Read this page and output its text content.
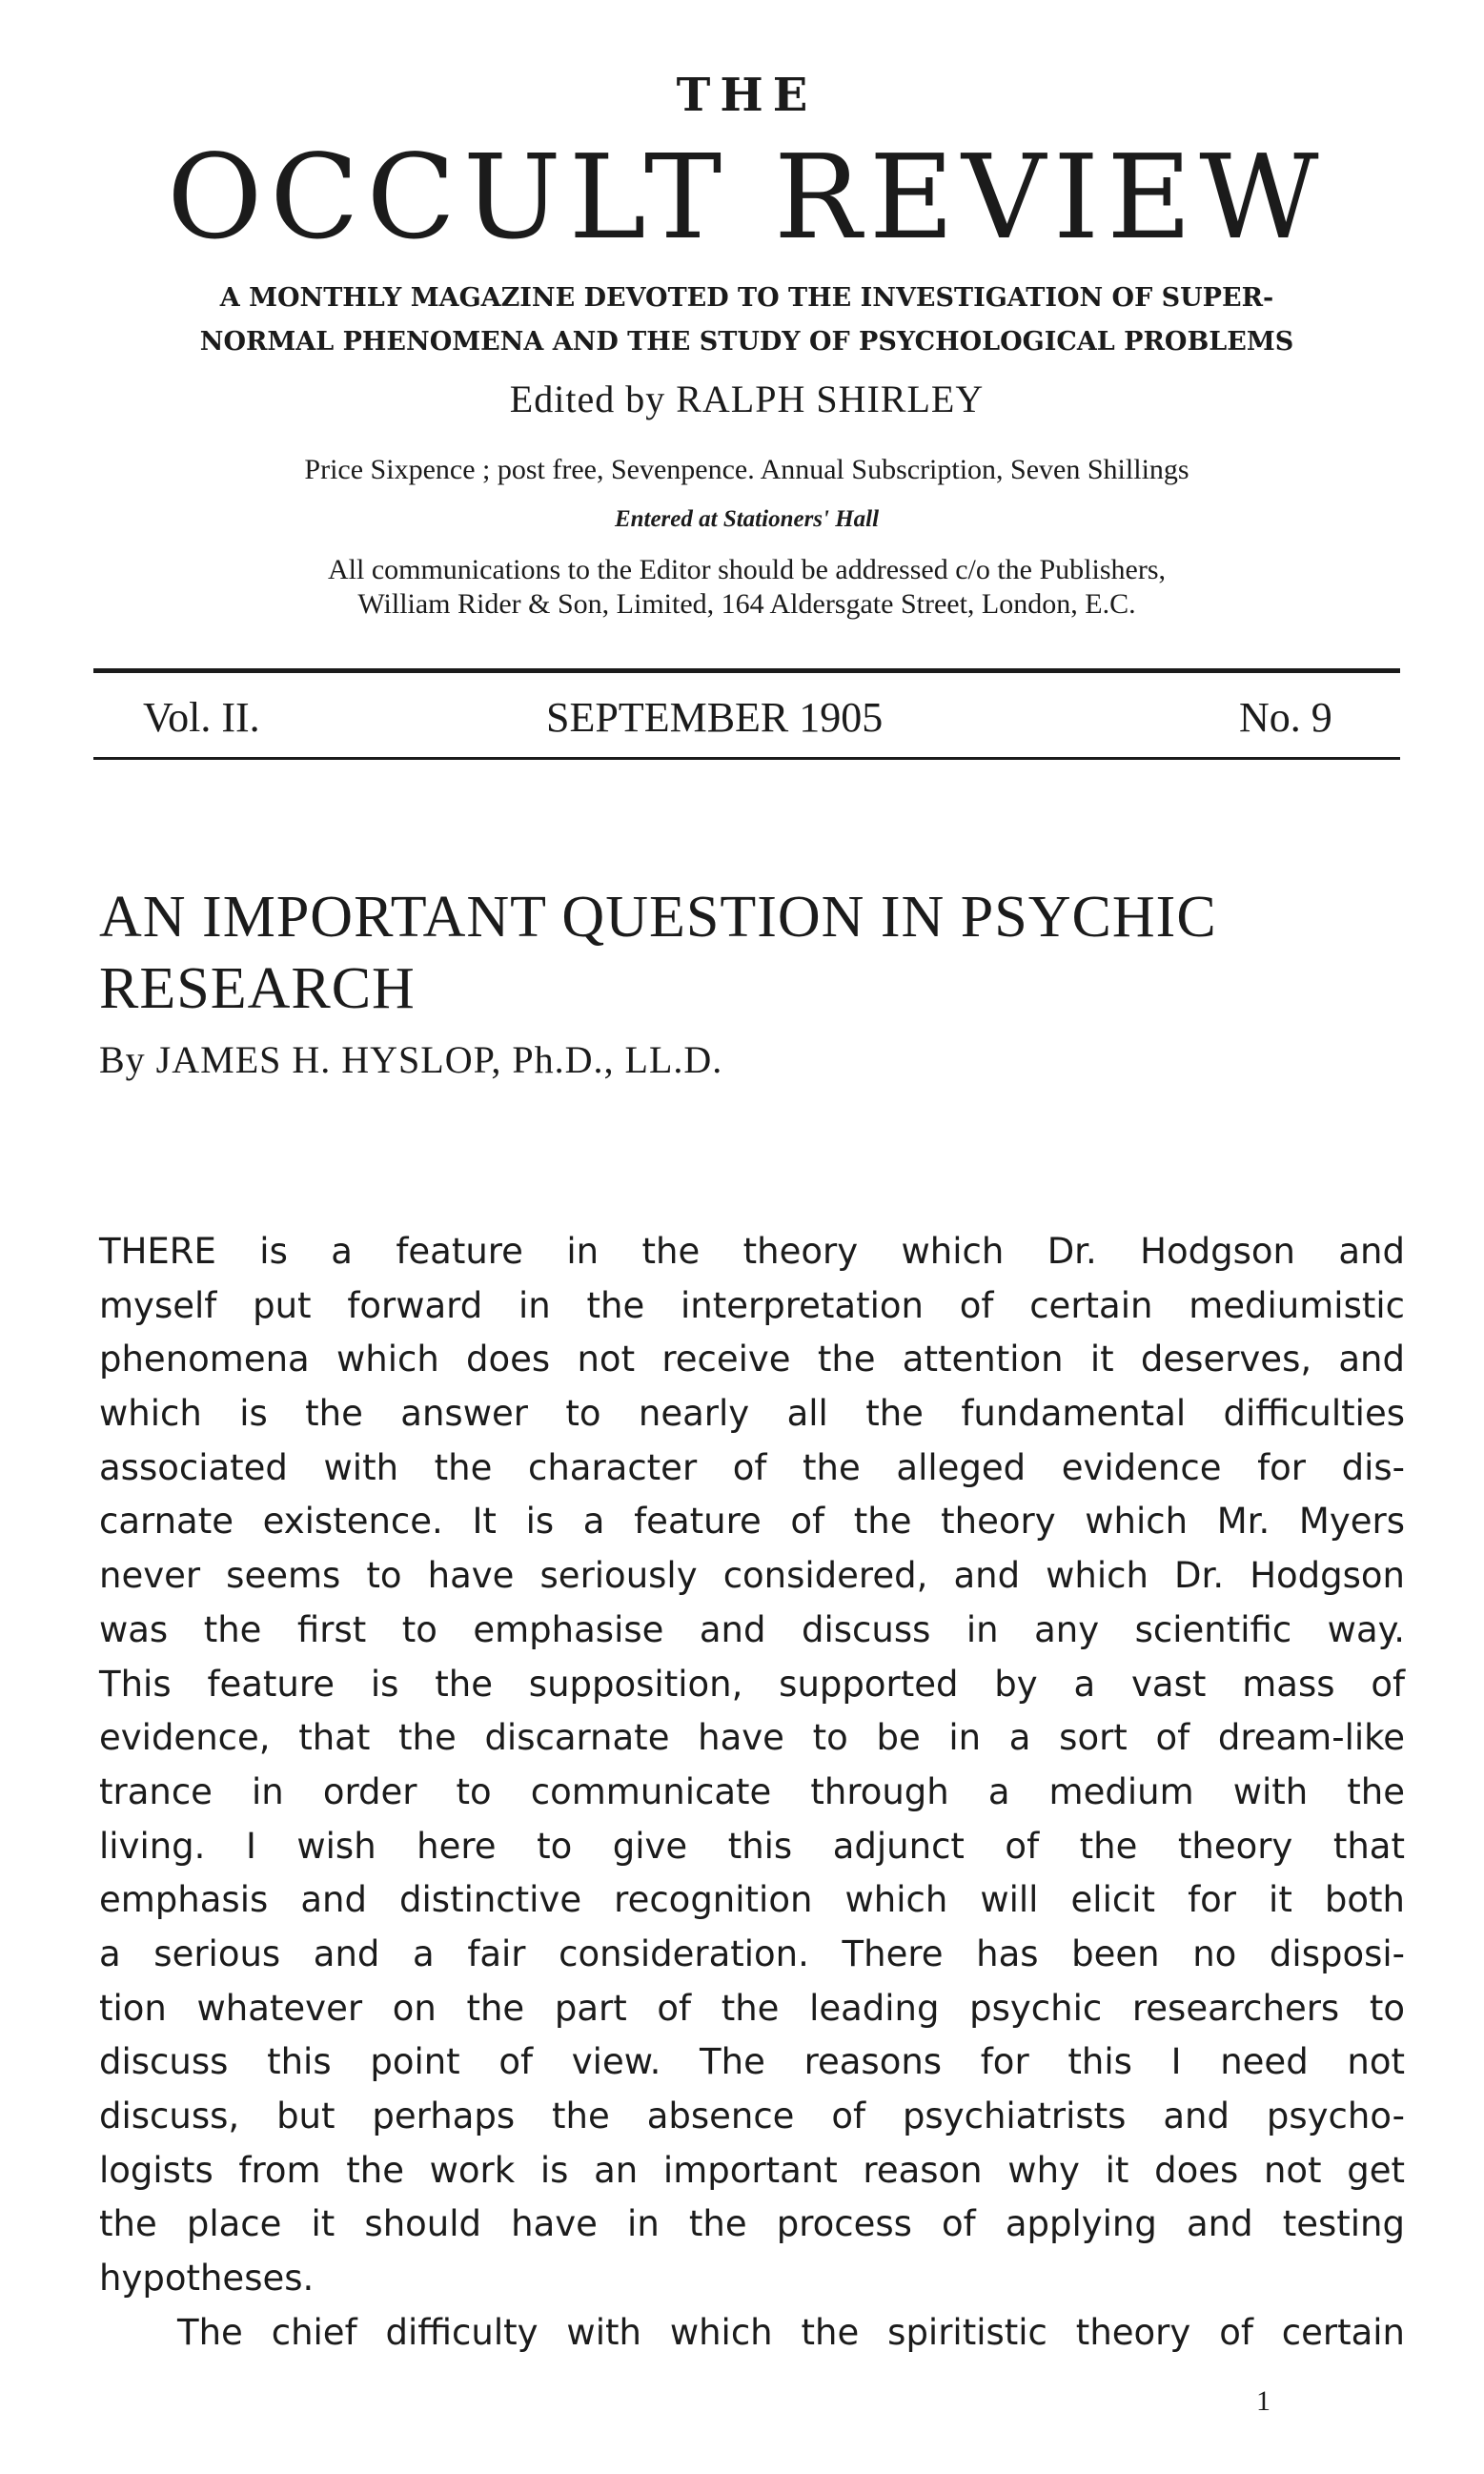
THE
OCCULT REVIEW
A MONTHLY MAGAZINE DEVOTED TO THE INVESTIGATION OF SUPER-
NORMAL PHENOMENA AND THE STUDY OF PSYCHOLOGICAL PROBLEMS
Edited by RALPH SHIRLEY
Price Sixpence ; post free, Sevenpence. Annual Subscription, Seven Shillings
Entered at Stationers' Hall
All communications to the Editor should be addressed c/o the Publishers,
William Rider & Son, Limited, 164 Aldersgate Street, London, E.C.
Vol. II.	SEPTEMBER 1905	No. 9
AN IMPORTANT QUESTION IN PSYCHIC
RESEARCH
By JAMES H. HYSLOP, Ph.D., LL.D.
THERE is a feature in the theory which Dr. Hodgson and
myself put forward in the interpretation of certain mediumistic
phenomena which does not receive the attention it deserves, and
which is the answer to nearly all the fundamental difficulties
associated with the character of the alleged evidence for dis-
carnate existence. It is a feature of the theory which Mr. Myers
never seems to have seriously considered, and which Dr. Hodgson
was the first to emphasise and discuss in any scientific way.
This feature is the supposition, supported by a vast mass of
evidence, that the discarnate have to be in a sort of dream-like
trance in order to communicate through a medium with the
living. I wish here to give this adjunct of the theory that
emphasis and distinctive recognition which will elicit for it both
a serious and a fair consideration. There has been no disposi-
tion whatever on the part of the leading psychic researchers to
discuss this point of view. The reasons for this I need not
discuss, but perhaps the absence of psychiatrists and psycho-
logists from the work is an important reason why it does not get
the place it should have in the process of applying and testing
hypotheses.
The chief difficulty with which the spiritistic theory of certain
1
